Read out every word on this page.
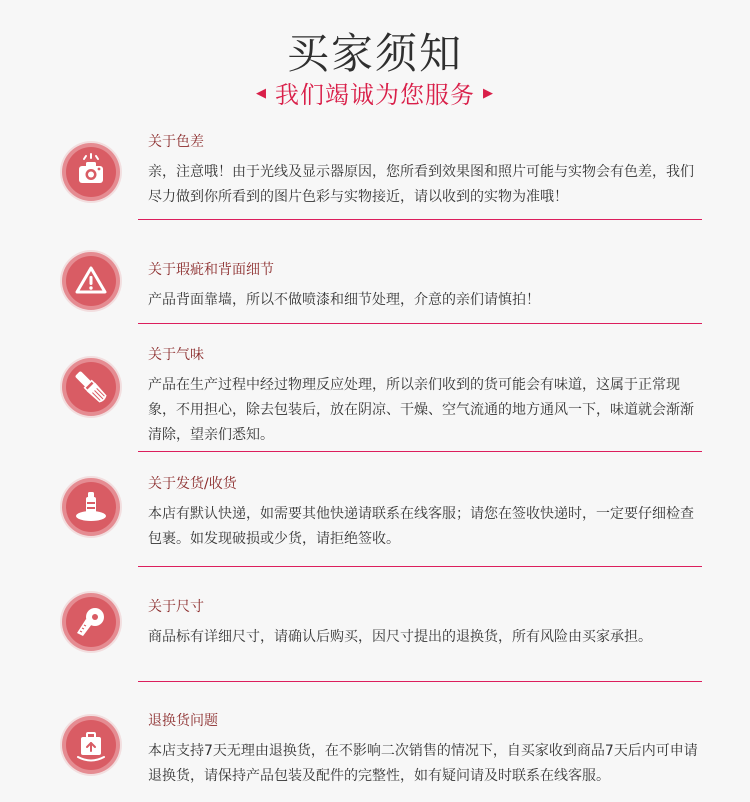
买家须知
◀ 我们竭诚为您服务 ▶
关于色差
亲，注意哦！由于光线及显示器原因，您所看到效果图和照片可能与实物会有色差，我们尽力做到你所看到的图片色彩与实物接近，请以收到的实物为准哦！
关于瑕疵和背面细节
产品背面靠墙，所以不做喷漆和细节处理，介意的亲们请慎拍！
关于气味
产品在生产过程中经过物理反应处理，所以亲们收到的货可能会有味道，这属于正常现象，不用担心，除去包装后，放在阴凉、干燥、空气流通的地方通风一下，味道就会渐渐清除，望亲们悉知。
关于发货/收货
本店有默认快递，如需要其他快递请联系在线客服；请您在签收快递时，一定要仔细检查包裹。如发现破损或少货，请拒绝签收。
关于尺寸
商品标有详细尺寸，请确认后购买，因尺寸提出的退换货，所有风险由买家承担。
退换货问题
本店支持7天无理由退换货，在不影响二次销售的情况下，自买家收到商品7天后内可申请退换货，请保持产品包装及配件的完整性，如有疑问请及时联系在线客服。
